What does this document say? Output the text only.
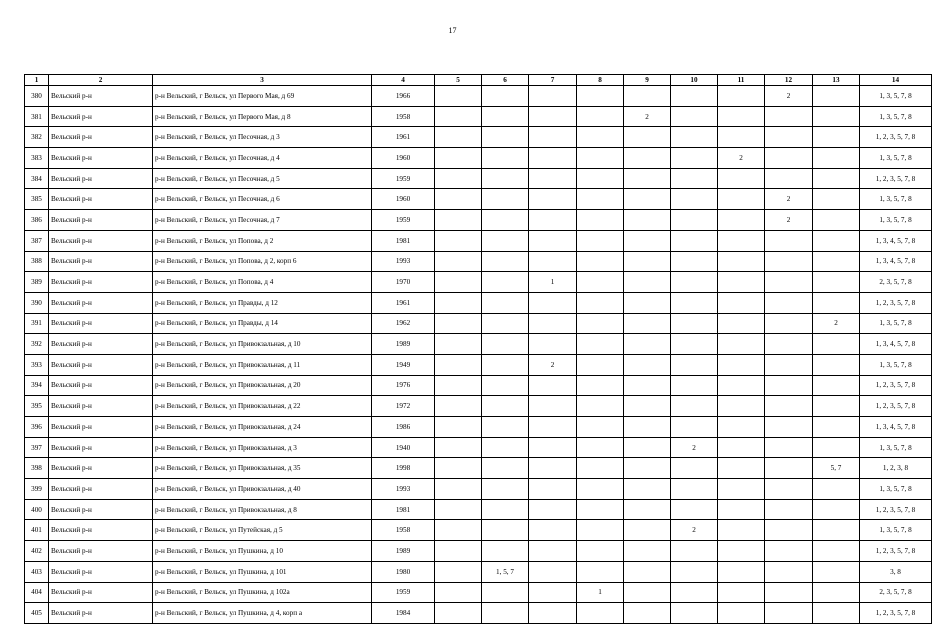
17
1	2	3	4	5	6	7	8	9	10	11	12	13	14
380	Вельский р-н	р-н Вельский, г Вельск, ул Первого Мая, д 69	1966								2		1, 3, 5, 7, 8
381	Вельский р-н	р-н Вельский, г Вельск, ул Первого Мая, д 8	1958					2					1, 3, 5, 7, 8
382	Вельский р-н	р-н Вельский, г Вельск, ул Песочная, д 3	1961										1, 2, 3, 5, 7, 8
383	Вельский р-н	р-н Вельский, г Вельск, ул Песочная, д 4	1960							2			1, 3, 5, 7, 8
384	Вельский р-н	р-н Вельский, г Вельск, ул Песочная, д 5	1959										1, 2, 3, 5, 7, 8
385	Вельский р-н	р-н Вельский, г Вельск, ул Песочная, д 6	1960								2		1, 3, 5, 7, 8
386	Вельский р-н	р-н Вельский, г Вельск, ул Песочная, д 7	1959								2		1, 3, 5, 7, 8
387	Вельский р-н	р-н Вельский, г Вельск, ул Попова, д 2	1981										1, 3, 4, 5, 7, 8
388	Вельский р-н	р-н Вельский, г Вельск, ул Попова, д 2, корп 6	1993										1, 3, 4, 5, 7, 8
389	Вельский р-н	р-н Вельский, г Вельск, ул Попова, д 4	1970			1							2, 3, 5, 7, 8
390	Вельский р-н	р-н Вельский, г Вельск, ул Правды, д 12	1961										1, 2, 3, 5, 7, 8
391	Вельский р-н	р-н Вельский, г Вельск, ул Правды, д 14	1962									2	1, 3, 5, 7, 8
392	Вельский р-н	р-н Вельский, г Вельск, ул Привокзальная, д 10	1989										1, 3, 4, 5, 7, 8
393	Вельский р-н	р-н Вельский, г Вельск, ул Привокзальная, д 11	1949			2							1, 3, 5, 7, 8
394	Вельский р-н	р-н Вельский, г Вельск, ул Привокзальная, д 20	1976										1, 2, 3, 5, 7, 8
395	Вельский р-н	р-н Вельский, г Вельск, ул Привокзальная, д 22	1972										1, 2, 3, 5, 7, 8
396	Вельский р-н	р-н Вельский, г Вельск, ул Привокзальная, д 24	1986										1, 3, 4, 5, 7, 8
397	Вельский р-н	р-н Вельский, г Вельск, ул Привокзальная, д 3	1940						2				1, 3, 5, 7, 8
398	Вельский р-н	р-н Вельский, г Вельск, ул Привокзальная, д 35	1998									5, 7	1, 2, 3, 8
399	Вельский р-н	р-н Вельский, г Вельск, ул Привокзальная, д 40	1993										1, 3, 5, 7, 8
400	Вельский р-н	р-н Вельский, г Вельск, ул Привокзальная, д 8	1981										1, 2, 3, 5, 7, 8
401	Вельский р-н	р-н Вельский, г Вельск, ул Путейская, д 5	1958						2				1, 3, 5, 7, 8
402	Вельский р-н	р-н Вельский, г Вельск, ул Пушкина, д 10	1989										1, 2, 3, 5, 7, 8
403	Вельский р-н	р-н Вельский, г Вельск, ул Пушкина, д 101	1980		1, 5, 7								3, 8
404	Вельский р-н	р-н Вельский, г Вельск, ул Пушкина, д 102а	1959				1						2, 3, 5, 7, 8
405	Вельский р-н	р-н Вельский, г Вельск, ул Пушкина, д 4, корп а	1984										1, 2, 3, 5, 7, 8
